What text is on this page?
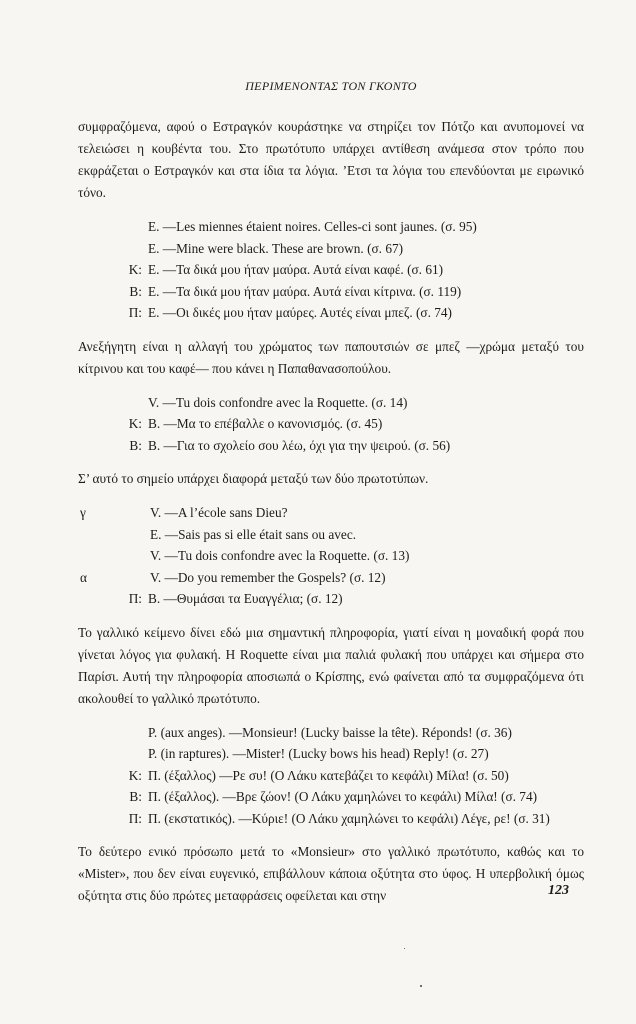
ΠΕΡΙΜΕΝΟΝΤΑΣ ΤΟΝ ΓΚΟΝΤΟ

συμφραζόμενα, αφού ο Εστραγκόν κουράστηκε να στηρίζει τον Πότζο και ανυπομονεί να τελειώσει η κουβέντα του. Στο πρωτότυπο υπάρχει αντίθεση ανάμεσα στον τρόπο που εκφράζεται ο Εστραγκόν και στα ίδια τα λόγια. ’Ετσι τα λόγια του επενδύονται με ειρωνικό τόνο.

E. —Les miennes étaient noires. Celles-ci sont jaunes. (σ. 95)
E. —Mine were black. These are brown. (σ. 67)
Κ: Ε. —Τα δικά μου ήταν μαύρα. Αυτά είναι καφέ. (σ. 61)
Β: Ε. —Τα δικά μου ήταν μαύρα. Αυτά είναι κίτρινα. (σ. 119)
Π: Ε. —Οι δικές μου ήταν μαύρες. Αυτές είναι μπεζ. (σ. 74)

Ανεξήγητη είναι η αλλαγή του χρώματος των παπουτσιών σε μπεζ —χρώμα μεταξύ του κίτρινου και του καφέ— που κάνει η Παπαθανασοπούλου.

V. —Tu dois confondre avec la Roquette. (σ. 14)
Κ: Β. —Μα το επέβαλλε ο κανονισμός. (σ. 45)
Β: Β. —Για το σχολείο σου λέω, όχι για την ψειρού. (σ. 56)

Σ’ αυτό το σημείο υπάρχει διαφορά μεταξύ των δύο πρωτοτύπων.

γ	V. —A l’école sans Dieu?
E. —Sais pas si elle était sans ou avec.
V. —Tu dois confondre avec la Roquette. (σ. 13)
α	V. —Do you remember the Gospels? (σ. 12)
Π: Β. —Θυμάσαι τα Ευαγγέλια; (σ. 12)

Το γαλλικό κείμενο δίνει εδώ μια σημαντική πληροφορία, γιατί είναι η μοναδική φορά που γίνεται λόγος για φυλακή. Η Roquette είναι μια παλιά φυλακή που υπάρχει και σήμερα στο Παρίσι. Αυτή την πληροφορία αποσιωπά ο Κρίσπης, ενώ φαίνεται από τα συμφραζόμενα ότι ακολουθεί το γαλλικό πρωτότυπο.

P. (aux anges). —Monsieur! (Lucky baisse la tête). Réponds! (σ. 36)
P. (in raptures). —Mister! (Lucky bows his head) Reply! (σ. 27)
Κ: Π. (έξαλλος) —Ρε συ! (Ο Λάκυ κατεβάζει το κεφάλι) Μίλα! (σ. 50)
Β: Π. (έξαλλος). —Βρε ζώον! (Ο Λάκυ χαμηλώνει το κεφάλι) Μίλα! (σ. 74)
Π: Π. (εκστατικός). —Κύριε! (Ο Λάκυ χαμηλώνει το κεφάλι) Λέγε, ρε! (σ. 31)

Το δεύτερο ενικό πρόσωπο μετά το «Monsieur» στο γαλλικό πρωτότυπο, καθώς και το «Mister», που δεν είναι ευγενικό, επιβάλλουν κάποια οξύτητα στο ύφος. Η υπερβολική όμως οξύτητα στις δύο πρώτες μεταφράσεις οφείλεται και στην	123
